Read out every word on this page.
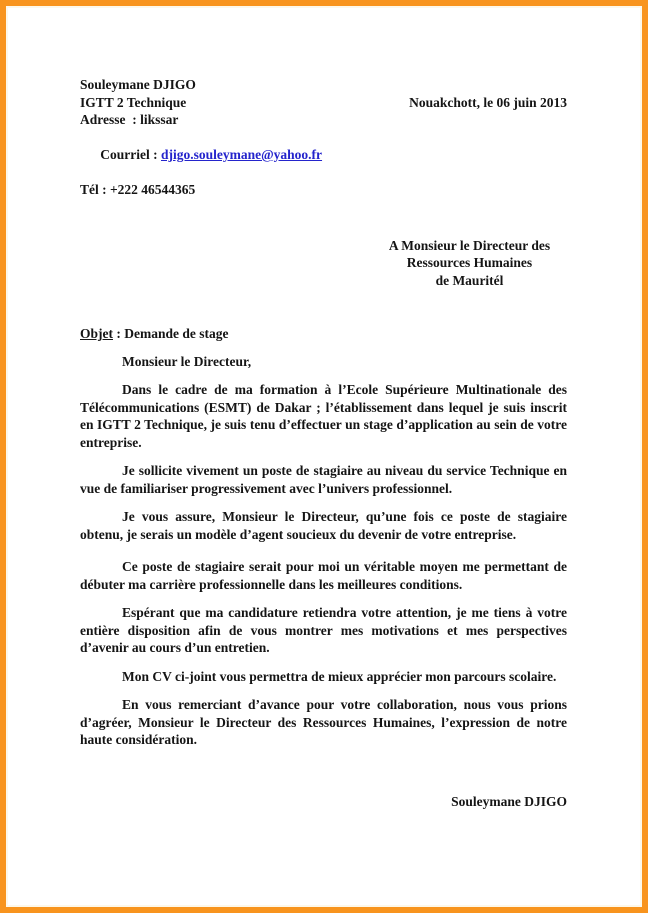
Souleymane DJIGO
IGTT 2 Technique	Nouakchott, le 06 juin 2013
Adresse  : likssar

Courriel : djigo.souleymane@yahoo.fr

Tél : +222 46544365
A Monsieur le Directeur des
Ressources Humaines
de Mauritél
Objet : Demande de stage
Monsieur le Directeur,

Dans le cadre de ma formation à l’Ecole Supérieure Multinationale des Télécommunications (ESMT) de Dakar ; l’établissement dans lequel je suis inscrit en IGTT 2 Technique, je suis tenu d’effectuer un stage d’application au sein de votre entreprise.

Je sollicite vivement un poste de stagiaire au niveau du service Technique en vue de familiariser progressivement avec l’univers professionnel.

Je vous assure, Monsieur le Directeur, qu’une fois ce poste de stagiaire obtenu, je serais un modèle d’agent soucieux du devenir de votre entreprise.

Ce poste de stagiaire serait pour moi un véritable moyen me permettant de débuter ma carrière professionnelle dans les meilleures conditions.

Espérant que ma candidature retiendra votre attention, je me tiens à votre entière disposition afin de vous montrer mes motivations et mes perspectives d’avenir au cours d’un entretien.

Mon CV ci-joint vous permettra de mieux apprécier mon parcours scolaire.

En vous remerciant d’avance pour votre collaboration, nous vous prions d’agréer, Monsieur le Directeur des Ressources Humaines, l’expression de notre haute considération.

Souleymane DJIGO
